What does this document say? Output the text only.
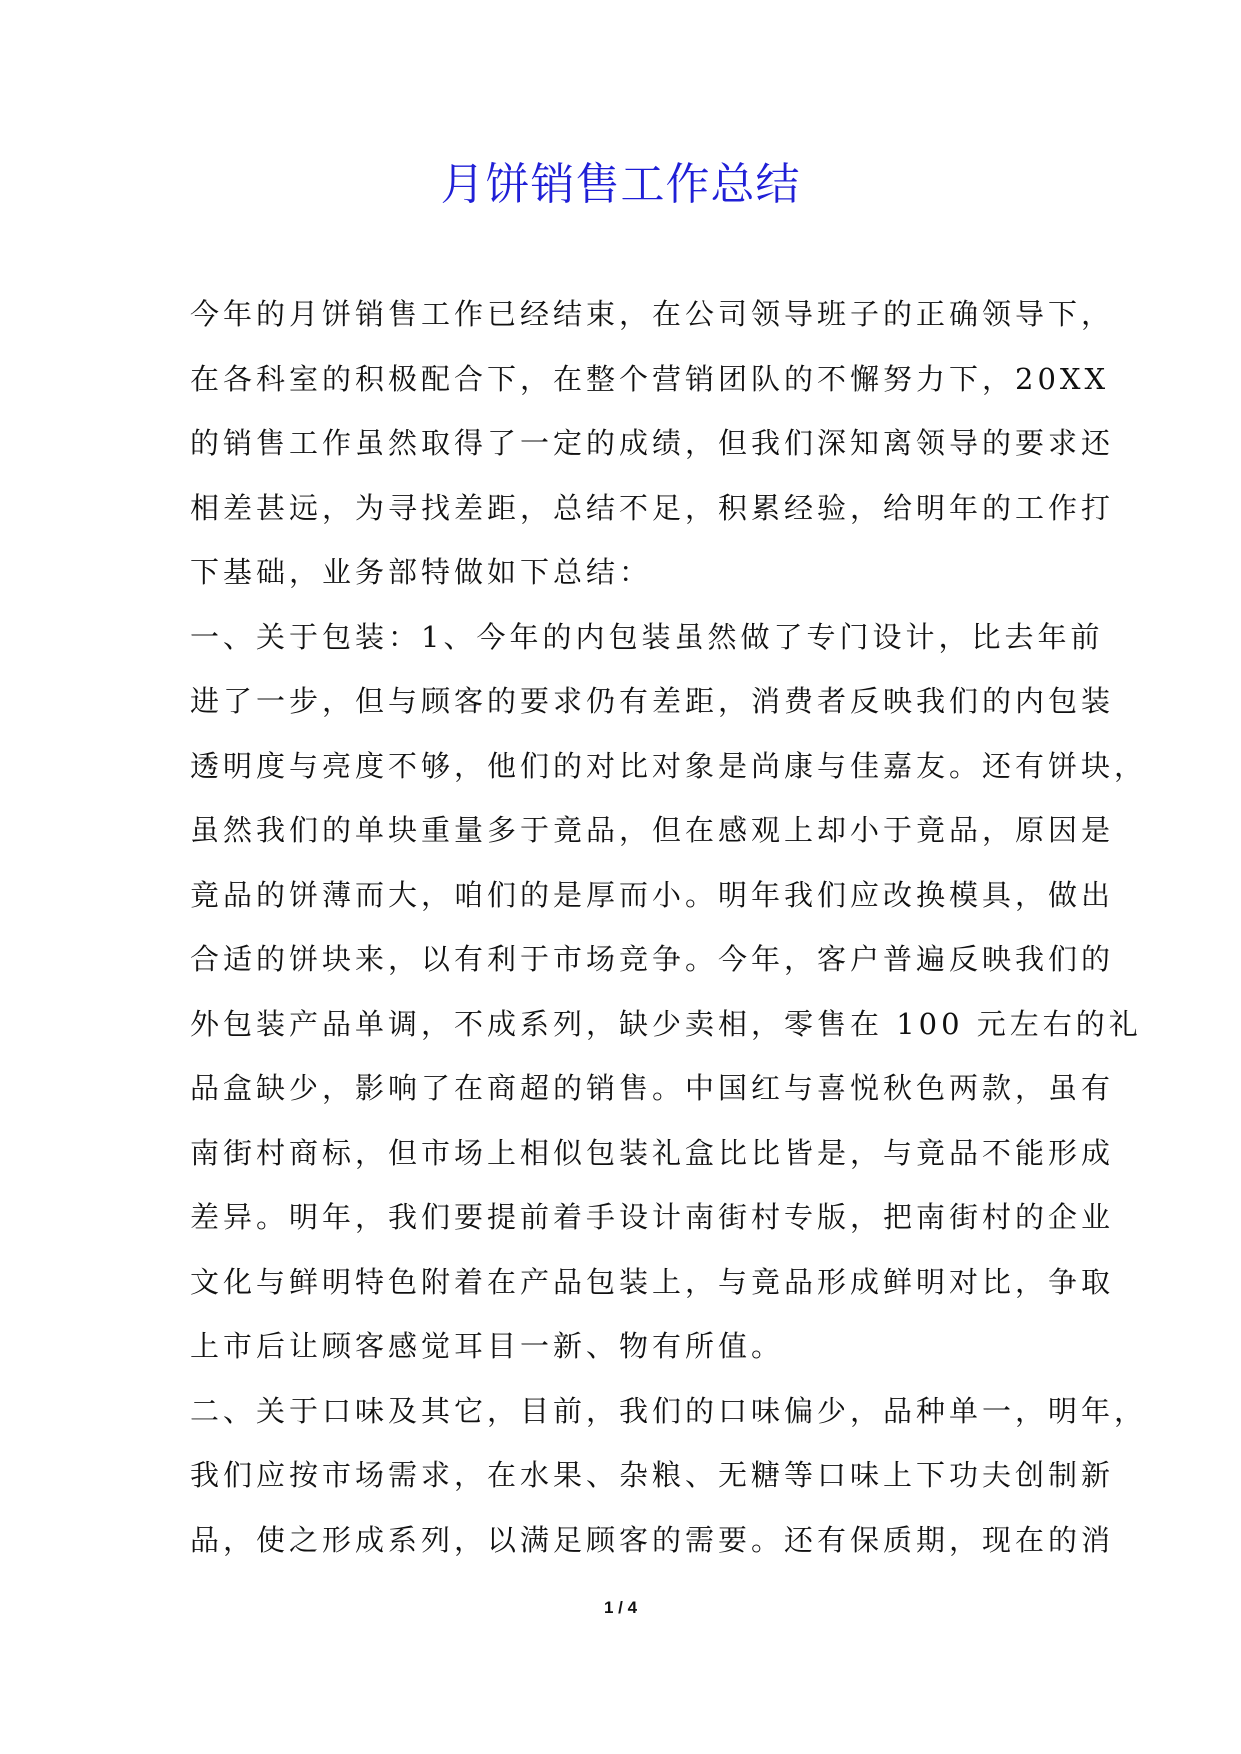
月饼销售工作总结
今年的月饼销售工作已经结束，在公司领导班子的正确领导下，
在各科室的积极配合下，在整个营销团队的不懈努力下，20XX
的销售工作虽然取得了一定的成绩，但我们深知离领导的要求还
相差甚远，为寻找差距，总结不足，积累经验，给明年的工作打
下基础，业务部特做如下总结：
一、关于包装：1、今年的内包装虽然做了专门设计，比去年前
进了一步，但与顾客的要求仍有差距，消费者反映我们的内包装
透明度与亮度不够，他们的对比对象是尚康与佳嘉友。还有饼块，
虽然我们的单块重量多于竟品，但在感观上却小于竟品，原因是
竟品的饼薄而大，咱们的是厚而小。明年我们应改换模具，做出
合适的饼块来，以有利于市场竞争。今年，客户普遍反映我们的
外包装产品单调，不成系列，缺少卖相，零售在 100 元左右的礼
品盒缺少，影响了在商超的销售。中国红与喜悦秋色两款，虽有
南街村商标，但市场上相似包装礼盒比比皆是，与竟品不能形成
差异。明年，我们要提前着手设计南街村专版，把南街村的企业
文化与鲜明特色附着在产品包装上，与竟品形成鲜明对比，争取
上市后让顾客感觉耳目一新、物有所值。
二、关于口味及其它，目前，我们的口味偏少，品种单一，明年，
我们应按市场需求，在水果、杂粮、无糖等口味上下功夫创制新
品，使之形成系列，以满足顾客的需要。还有保质期，现在的消
1 / 4
